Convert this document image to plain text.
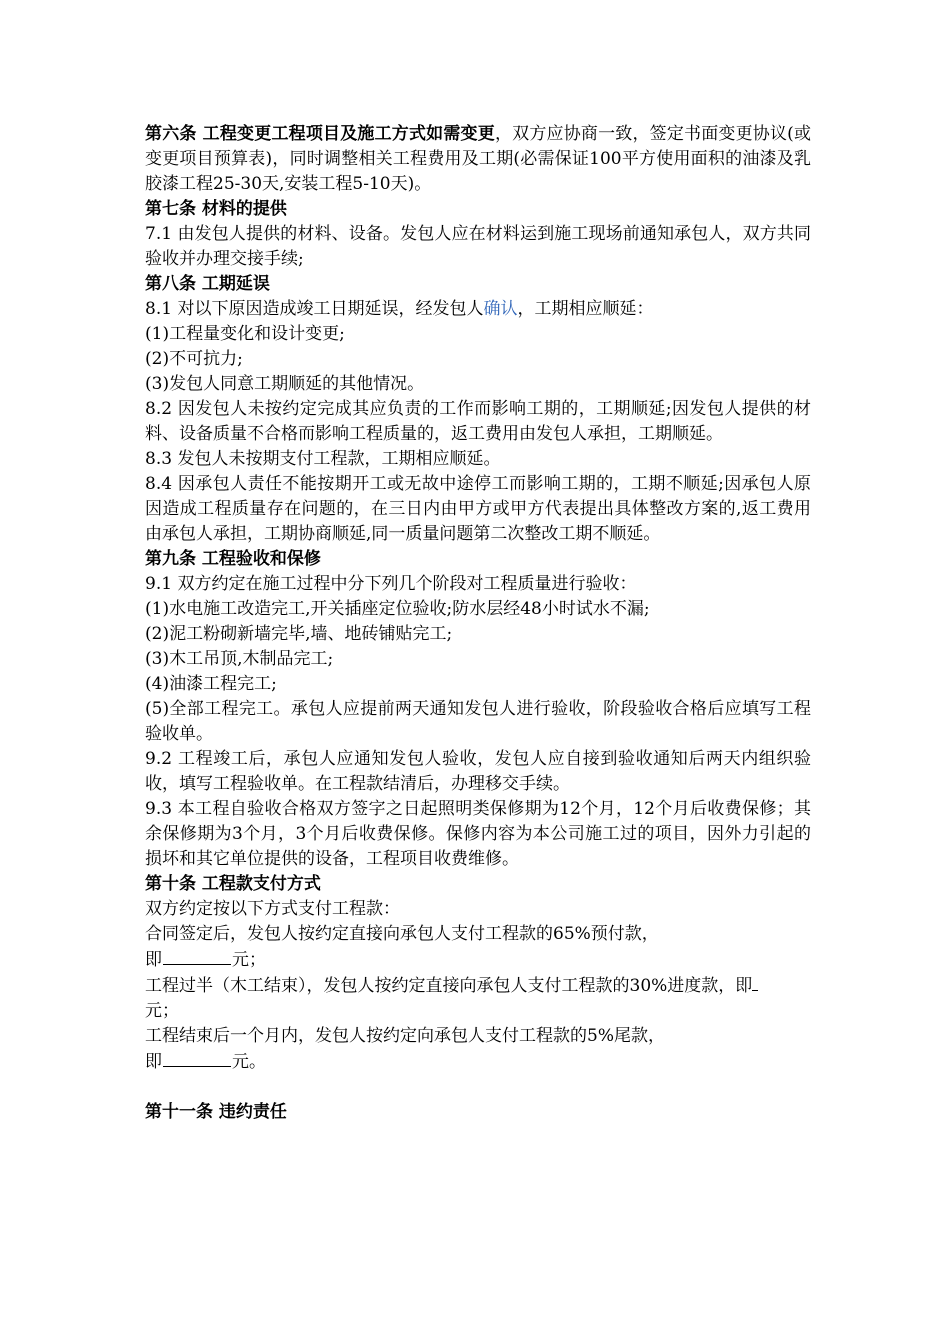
第六条 工程变更工程项目及施工方式如需变更，双方应协商一致，签定书面变更协议(或变更项目预算表)，同时调整相关工程费用及工期(必需保证100平方使用面积的油漆及乳胶漆工程25-30天,安装工程5-10天)。

第七条 材料的提供

7.1 由发包人提供的材料、设备。发包人应在材料运到施工现场前通知承包人，双方共同验收并办理交接手续;

第八条 工期延误

8.1 对以下原因造成竣工日期延误，经发包人确认，工期相应顺延：

(1)工程量变化和设计变更;

(2)不可抗力;

(3)发包人同意工期顺延的其他情况。

8.2 因发包人未按约定完成其应负责的工作而影响工期的，工期顺延;因发包人提供的材料、设备质量不合格而影响工程质量的，返工费用由发包人承担，工期顺延。

8.3 发包人未按期支付工程款，工期相应顺延。

8.4 因承包人责任不能按期开工或无故中途停工而影响工期的，工期不顺延;因承包人原因造成工程质量存在问题的，在三日内由甲方或甲方代表提出具体整改方案的,返工费用由承包人承担，工期协商顺延,同一质量问题第二次整改工期不顺延。

第九条 工程验收和保修

9.1 双方约定在施工过程中分下列几个阶段对工程质量进行验收：

(1)水电施工改造完工,开关插座定位验收;防水层经48小时试水不漏;

(2)泥工粉砌新墙完毕,墙、地砖铺贴完工;

(3)木工吊顶,木制品完工;

(4)油漆工程完工;

(5)全部工程完工。承包人应提前两天通知发包人进行验收，阶段验收合格后应填写工程验收单。

9.2 工程竣工后，承包人应通知发包人验收，发包人应自接到验收通知后两天内组织验收，填写工程验收单。在工程款结清后，办理移交手续。

9.3 本工程自验收合格双方签字之日起照明类保修期为12个月，12个月后收费保修；其余保修期为3个月，3个月后收费保修。保修内容为本公司施工过的项目，因外力引起的损坏和其它单位提供的设备，工程项目收费维修。

第十条 工程款支付方式

双方约定按以下方式支付工程款：

合同签定后，发包人按约定直接向承包人支付工程款的65%预付款，
即	元；

工程过半（木工结束），发包人按约定直接向承包人支付工程款的30%进度款，即
元；

工程结束后一个月内，发包人按约定向承包人支付工程款的5%尾款，
即	元。

第十一条 违约责任
